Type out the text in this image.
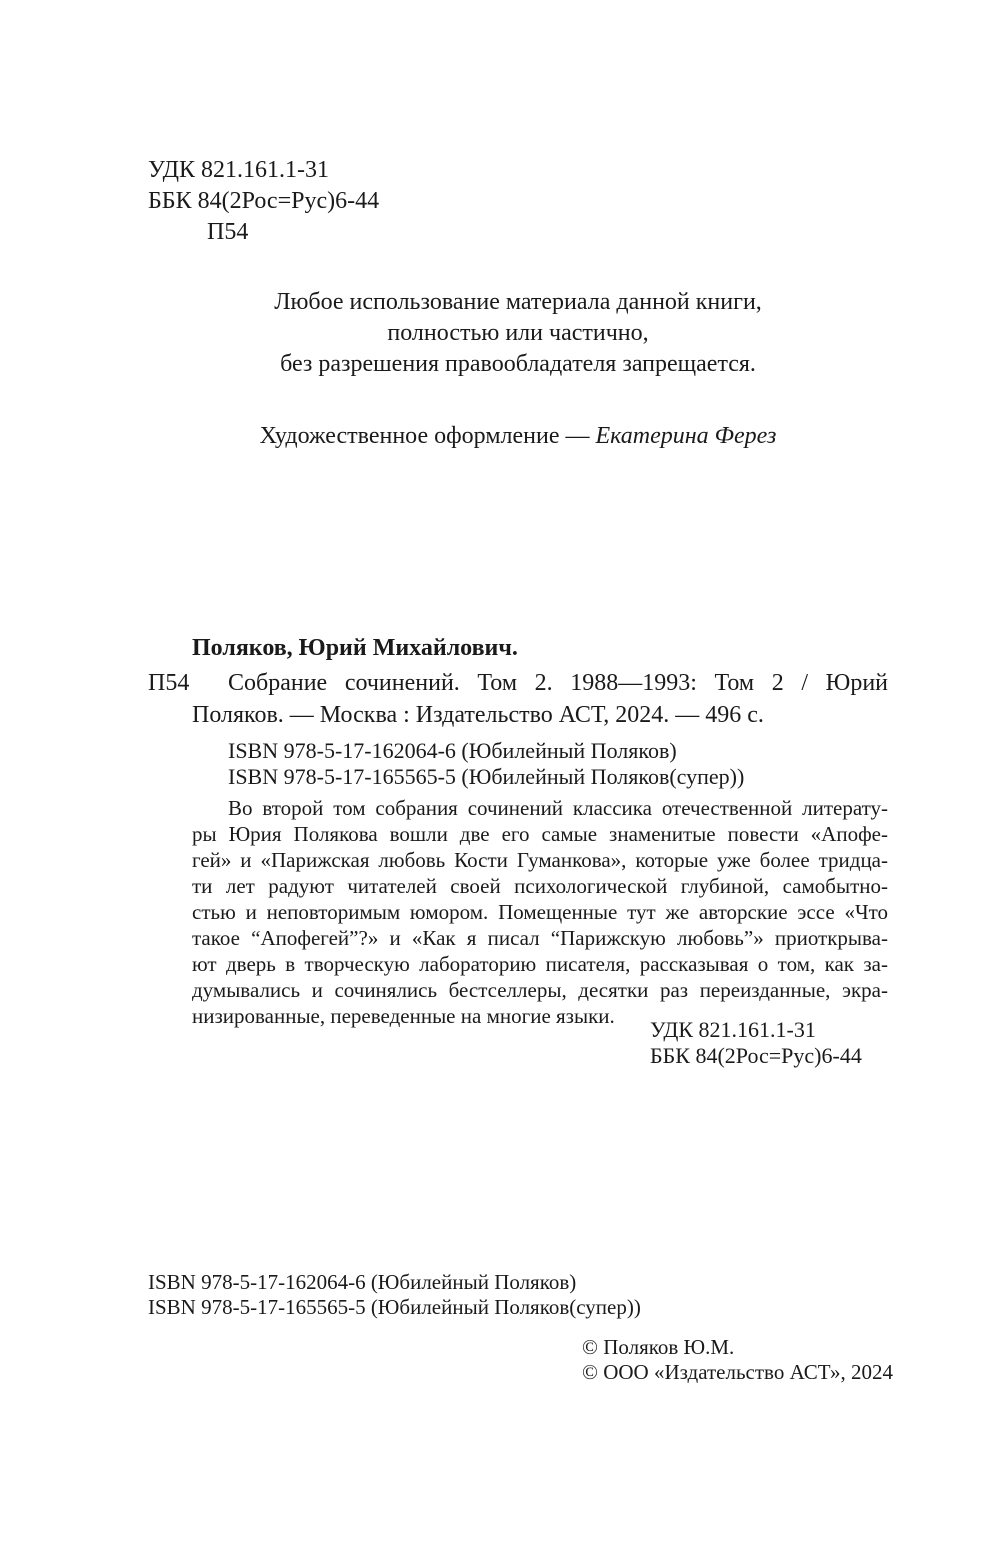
УДК 821.161.1-31
ББК 84(2Рос=Рус)6-44
П54
Любое использование материала данной книги,
полностью или частично,
без разрешения правообладателя запрещается.
Художественное оформление — Екатерина Ферез
Поляков, Юрий Михайлович.
П54 Собрание сочинений. Том 2. 1988—1993: Том 2 / Юрий
Поляков. — Москва : Издательство АСТ, 2024. — 496 с.
ISBN 978-5-17-162064-6 (Юбилейный Поляков)
ISBN 978-5-17-165565-5 (Юбилейный Поляков(супер))
Во второй том собрания сочинений классика отечественной литерату-
ры Юрия Полякова вошли две его самые знаменитые повести «Апофе-
гей» и «Парижская любовь Кости Гуманкова», которые уже более тридца-
ти лет радуют читателей своей психологической глубиной, самобытно-
стью и неповторимым юмором. Помещенные тут же авторские эссе «Что
такое “Апофегей”?» и «Как я писал “Парижскую любовь”» приоткрыва-
ют дверь в творческую лабораторию писателя, рассказывая о том, как за-
думывались и сочинялись бестселлеры, десятки раз переизданные, экра-
низированные, переведенные на многие языки.
УДК 821.161.1-31
ББК 84(2Рос=Рус)6-44
ISBN 978-5-17-162064-6 (Юбилейный Поляков)
ISBN 978-5-17-165565-5 (Юбилейный Поляков(супер))
© Поляков Ю.М.
© ООО «Издательство АСТ», 2024
